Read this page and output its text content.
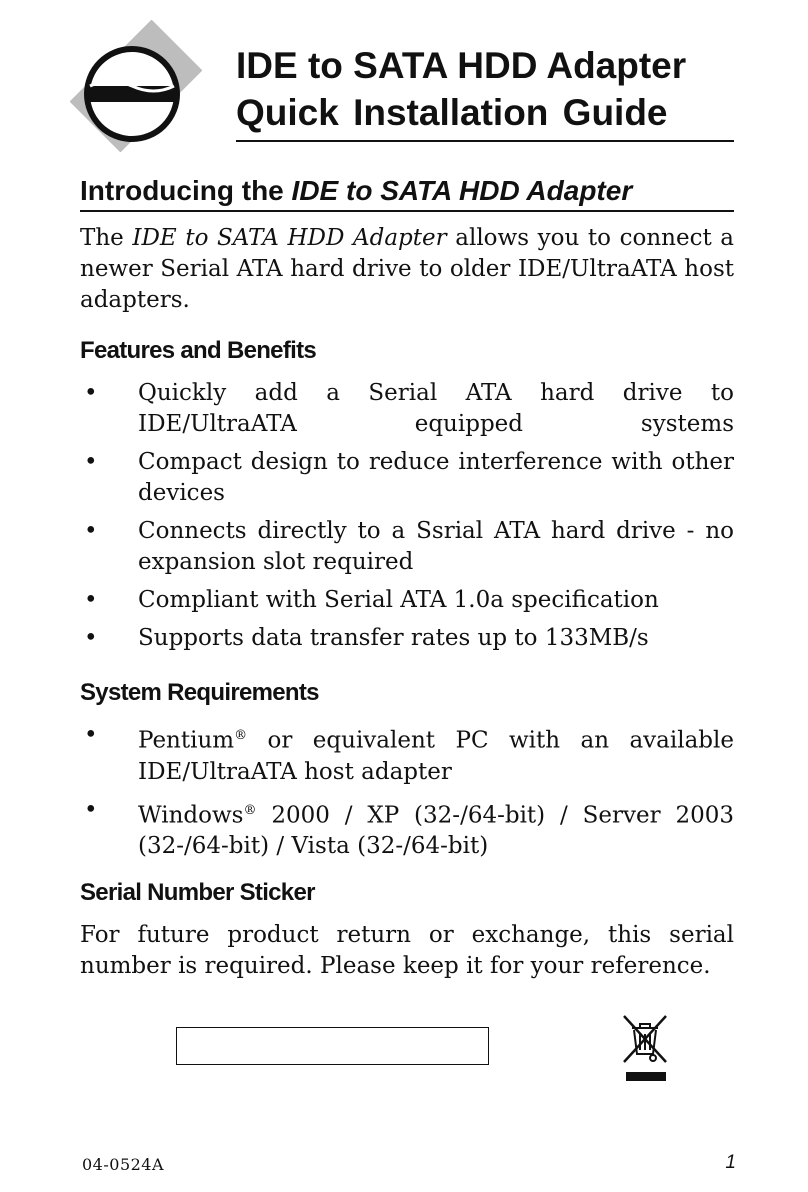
IDE to SATA HDD Adapter
Quick Installation Guide
Introducing the IDE to SATA HDD Adapter

The IDE to SATA HDD Adapter allows you to connect a newer Serial ATA hard drive to older IDE/UltraATA host adapters.

Features and Benefits
• Quickly add a Serial ATA hard drive to IDE/UltraATA equipped systems
• Compact design to reduce interference with other devices
• Connects directly to a Ssrial ATA hard drive - no expansion slot required
• Compliant with Serial ATA 1.0a specification
• Supports data transfer rates up to 133MB/s
System Requirements
• Pentium® or equivalent PC with an available IDE/UltraATA host adapter
• Windows® 2000 / XP (32-/64-bit) / Server 2003 (32-/64-bit) / Vista (32-/64-bit)
Serial Number Sticker

For future product return or exchange, this serial number is required. Please keep it for your reference.

04-0524A	1
